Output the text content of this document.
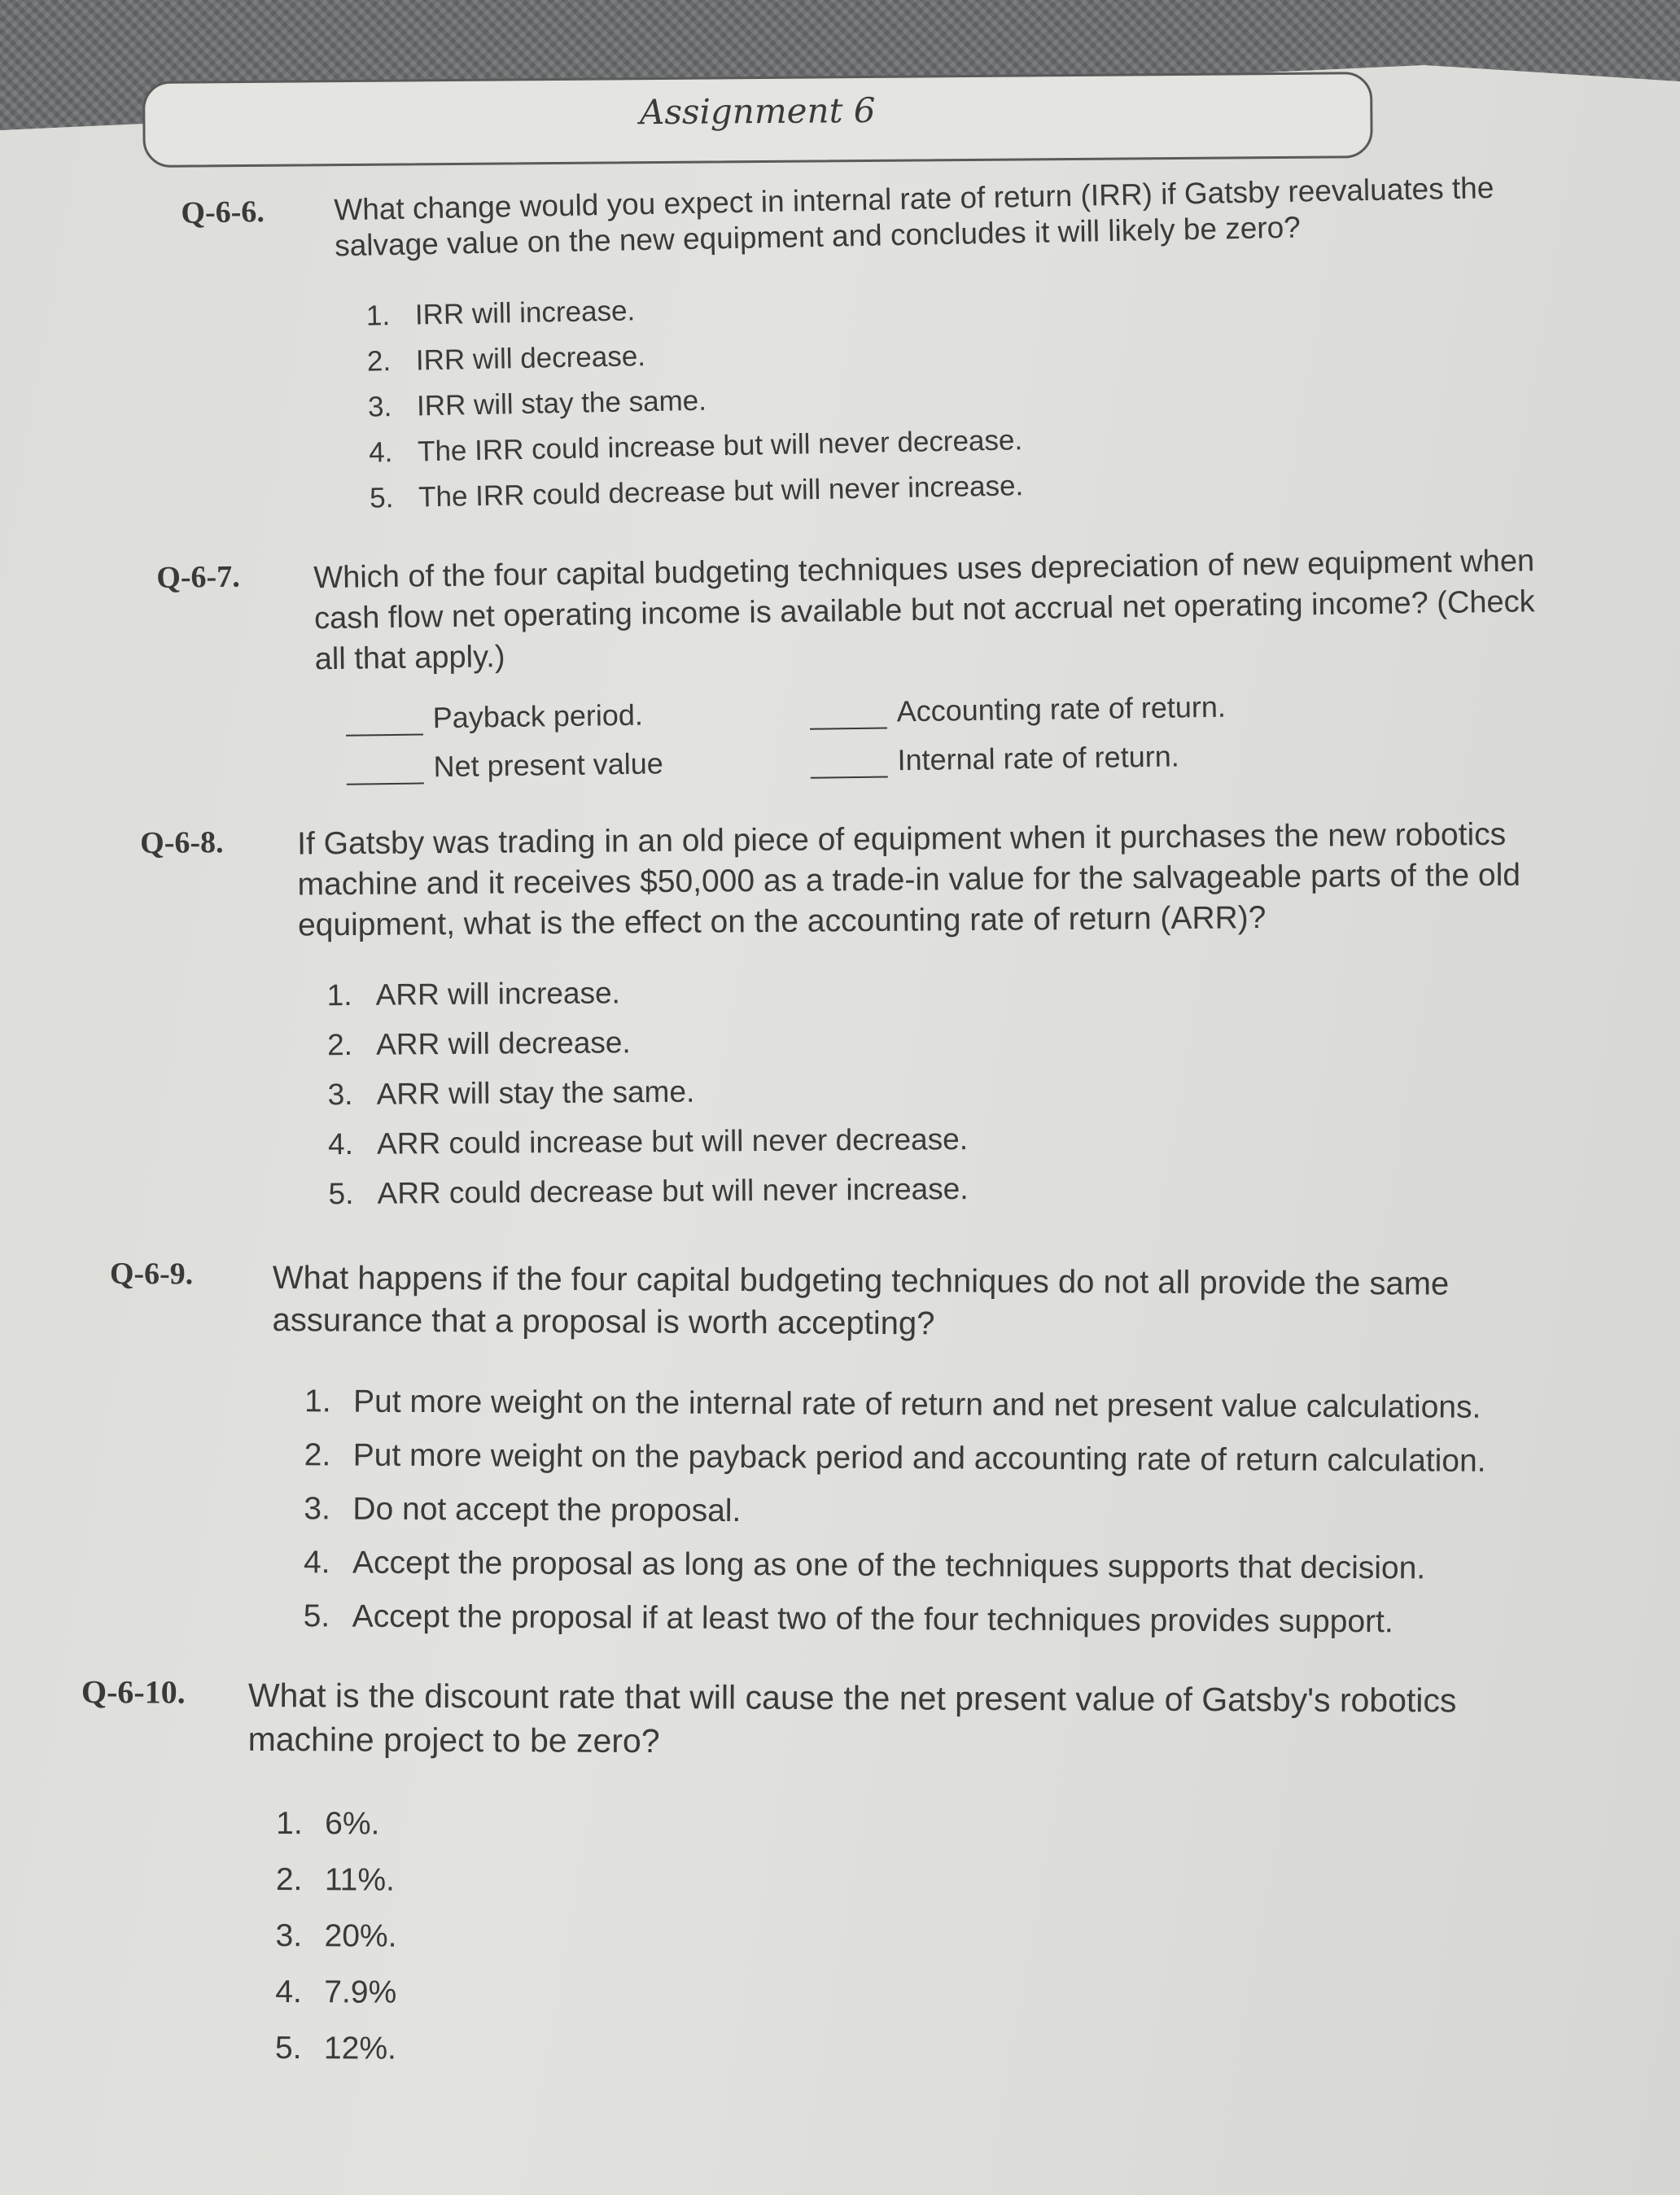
Assignment 6
Q-6-6. What change would you expect in internal rate of return (IRR) if Gatsby reevaluates the salvage value on the new equipment and concludes it will likely be zero?

1. IRR will increase.
2. IRR will decrease.
3. IRR will stay the same.
4. The IRR could increase but will never decrease.
5. The IRR could decrease but will never increase.
Q-6-7. Which of the four capital budgeting techniques uses depreciation of new equipment when cash flow net operating income is available but not accrual net operating income? (Check all that apply.)

Payback period.
Net present value
Accounting rate of return.
Internal rate of return.
Q-6-8. If Gatsby was trading in an old piece of equipment when it purchases the new robotics machine and it receives $50,000 as a trade-in value for the salvageable parts of the old equipment, what is the effect on the accounting rate of return (ARR)?

1. ARR will increase.
2. ARR will decrease.
3. ARR will stay the same.
4. ARR could increase but will never decrease.
5. ARR could decrease but will never increase.
Q-6-9. What happens if the four capital budgeting techniques do not all provide the same assurance that a proposal is worth accepting?

1. Put more weight on the internal rate of return and net present value calculations.
2. Put more weight on the payback period and accounting rate of return calculation.
3. Do not accept the proposal.
4. Accept the proposal as long as one of the techniques supports that decision.
5. Accept the proposal if at least two of the four techniques provides support.
Q-6-10. What is the discount rate that will cause the net present value of Gatsby's robotics machine project to be zero?

1. 6%.
2. 11%.
3. 20%.
4. 7.9%
5. 12%.
